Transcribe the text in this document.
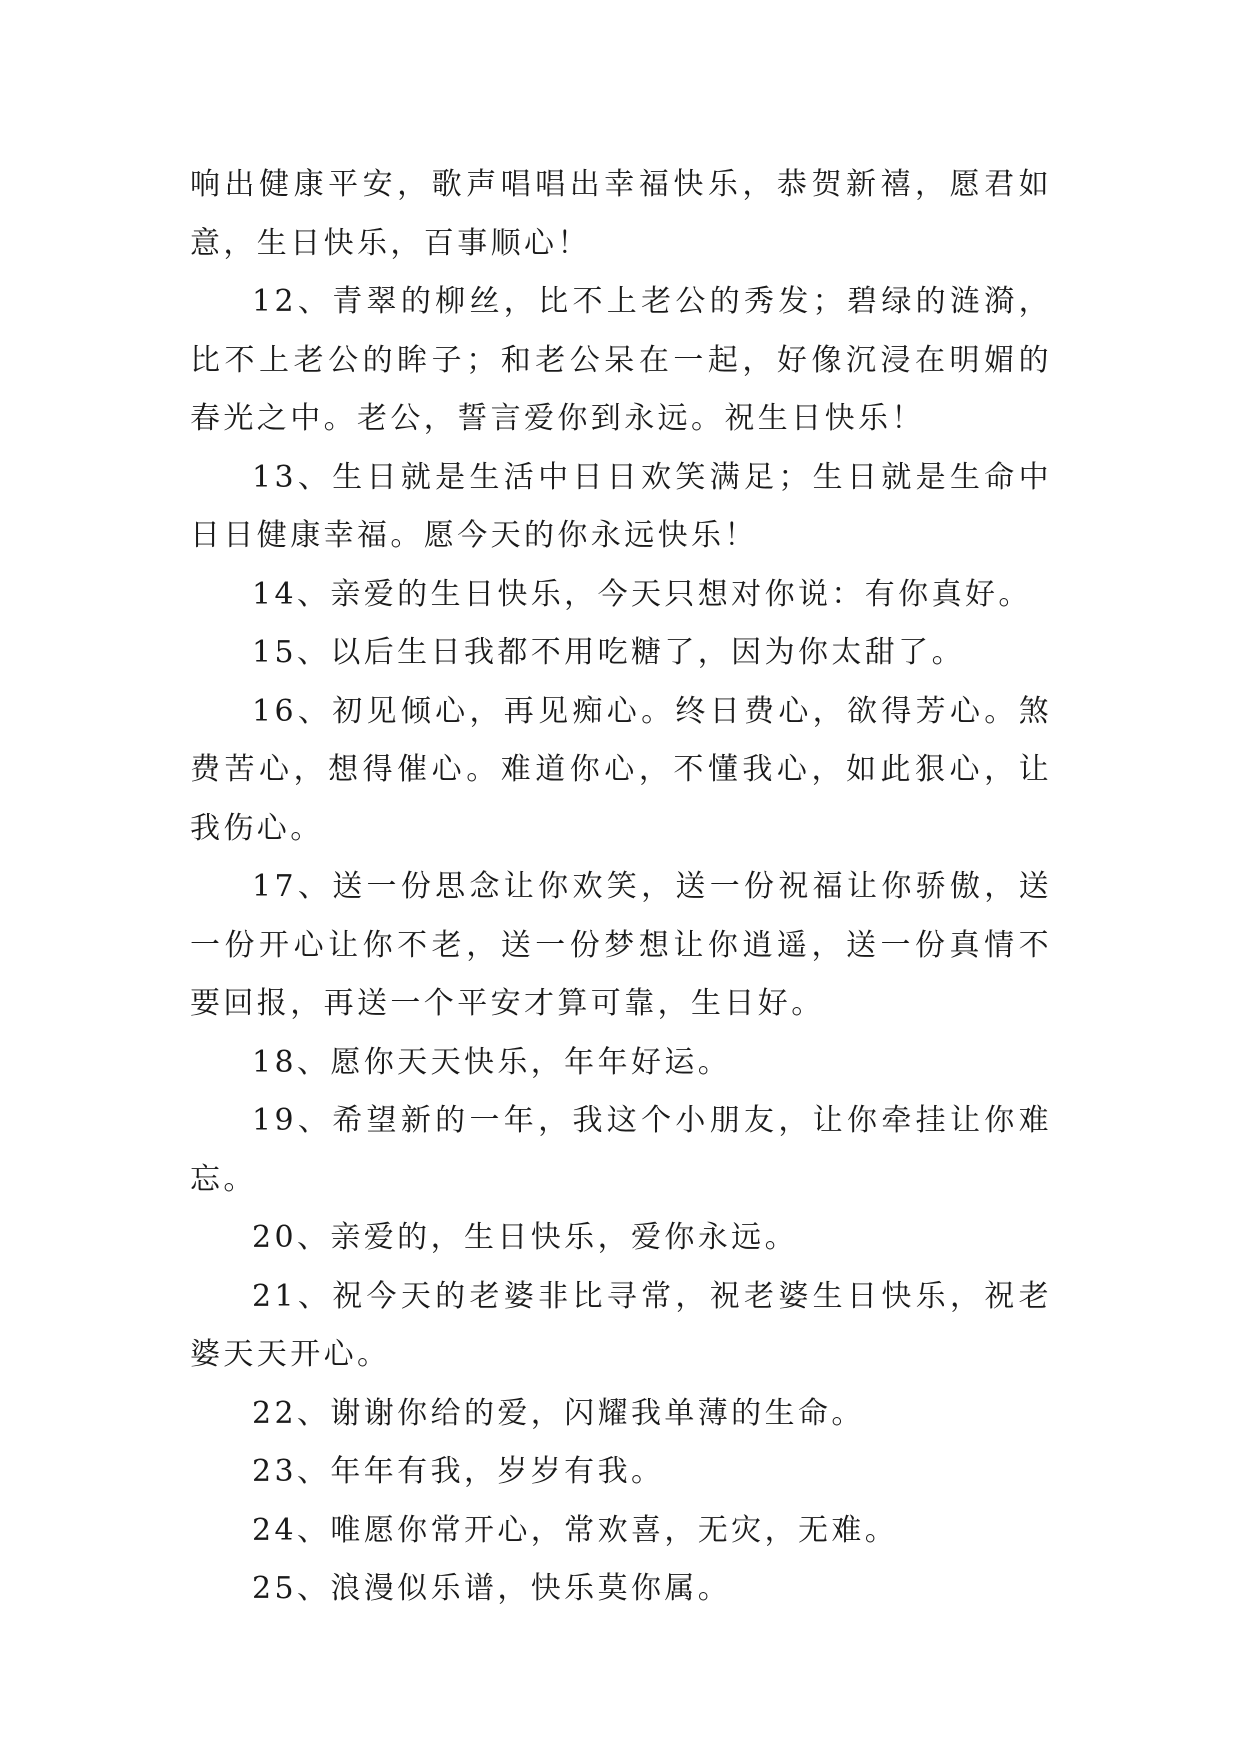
响出健康平安，歌声唱唱出幸福快乐，恭贺新禧，愿君如意，生日快乐，百事顺心！

12、青翠的柳丝，比不上老公的秀发；碧绿的涟漪，比不上老公的眸子；和老公呆在一起，好像沉浸在明媚的春光之中。老公，誓言爱你到永远。祝生日快乐！

13、生日就是生活中日日欢笑满足；生日就是生命中日日健康幸福。愿今天的你永远快乐！

14、亲爱的生日快乐，今天只想对你说：有你真好。

15、以后生日我都不用吃糖了，因为你太甜了。

16、初见倾心，再见痴心。终日费心，欲得芳心。煞费苦心，想得催心。难道你心，不懂我心，如此狠心，让我伤心。

17、送一份思念让你欢笑，送一份祝福让你骄傲，送一份开心让你不老，送一份梦想让你逍遥，送一份真情不要回报，再送一个平安才算可靠，生日好。

18、愿你天天快乐，年年好运。

19、希望新的一年，我这个小朋友，让你牵挂让你难忘。

20、亲爱的，生日快乐，爱你永远。

21、祝今天的老婆非比寻常，祝老婆生日快乐，祝老婆天天开心。

22、谢谢你给的爱，闪耀我单薄的生命。

23、年年有我，岁岁有我。

24、唯愿你常开心，常欢喜，无灾，无难。

25、浪漫似乐谱，快乐莫你属。
